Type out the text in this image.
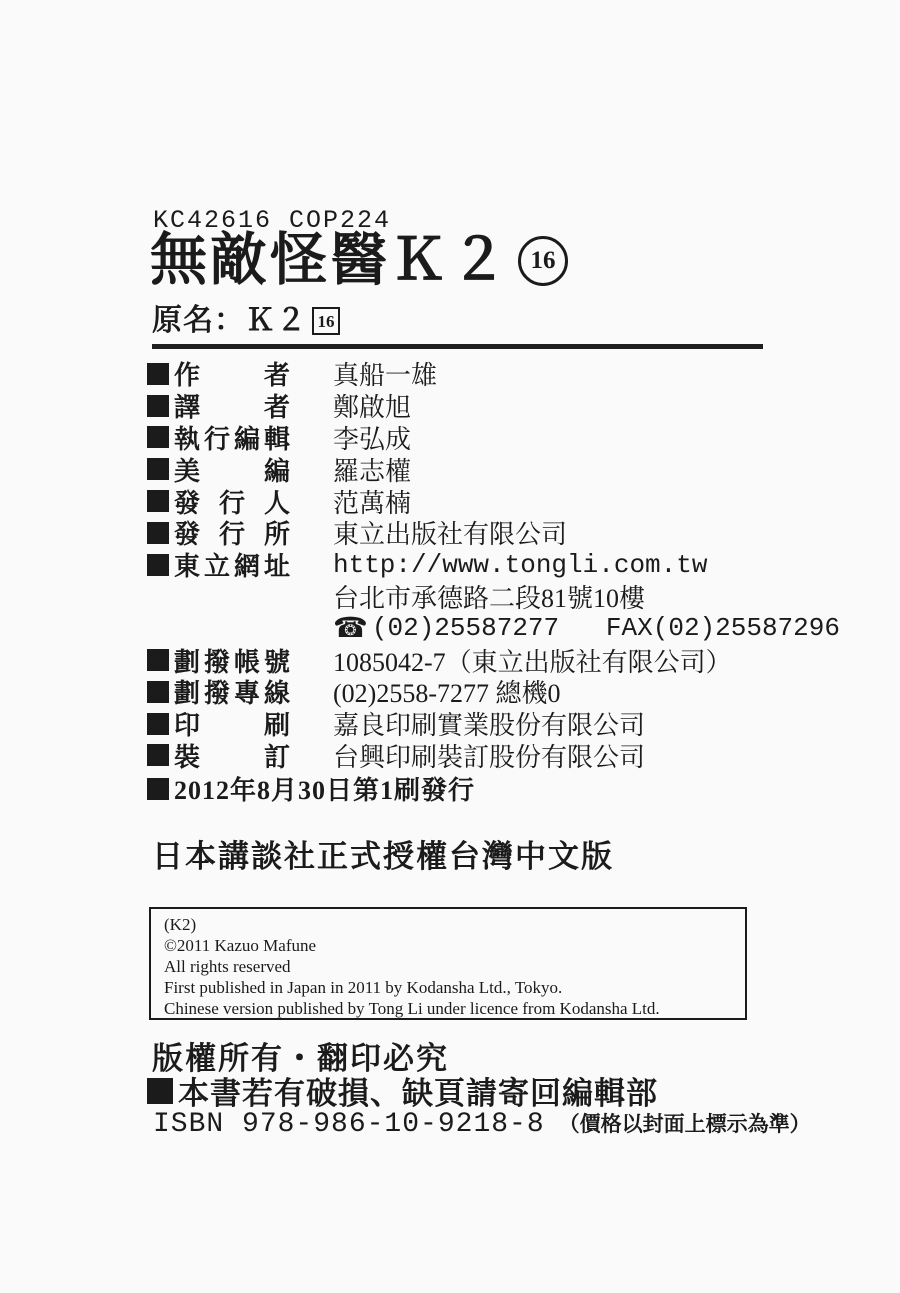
KC42616 COP224
無敵怪醫Ｋ２ 16
原名：Ｋ２ 16
作者 真船一雄
譯者 鄭啟旭
執行編輯 李弘成
美編 羅志權
發行人 范萬楠
發行所 東立出版社有限公司
東立網址 http://www.tongli.com.tw
台北市承德路二段81號10樓
☎ (02)25587277   FAX(02)25587296
劃撥帳號 1085042-7（東立出版社有限公司）
劃撥專線 (02)2558-7277 總機0
印刷 嘉良印刷實業股份有限公司
裝訂 台興印刷裝訂股份有限公司
2012年8月30日第1刷發行
日本講談社正式授權台灣中文版
(K2)
©2011 Kazuo Mafune
All rights reserved
First published in Japan in 2011 by Kodansha Ltd., Tokyo.
Chinese version published by Tong Li under licence from Kodansha Ltd.
版權所有・翻印必究
本書若有破損、缺頁請寄回編輯部
ISBN 978-986-10-9218-8 （價格以封面上標示為準）
